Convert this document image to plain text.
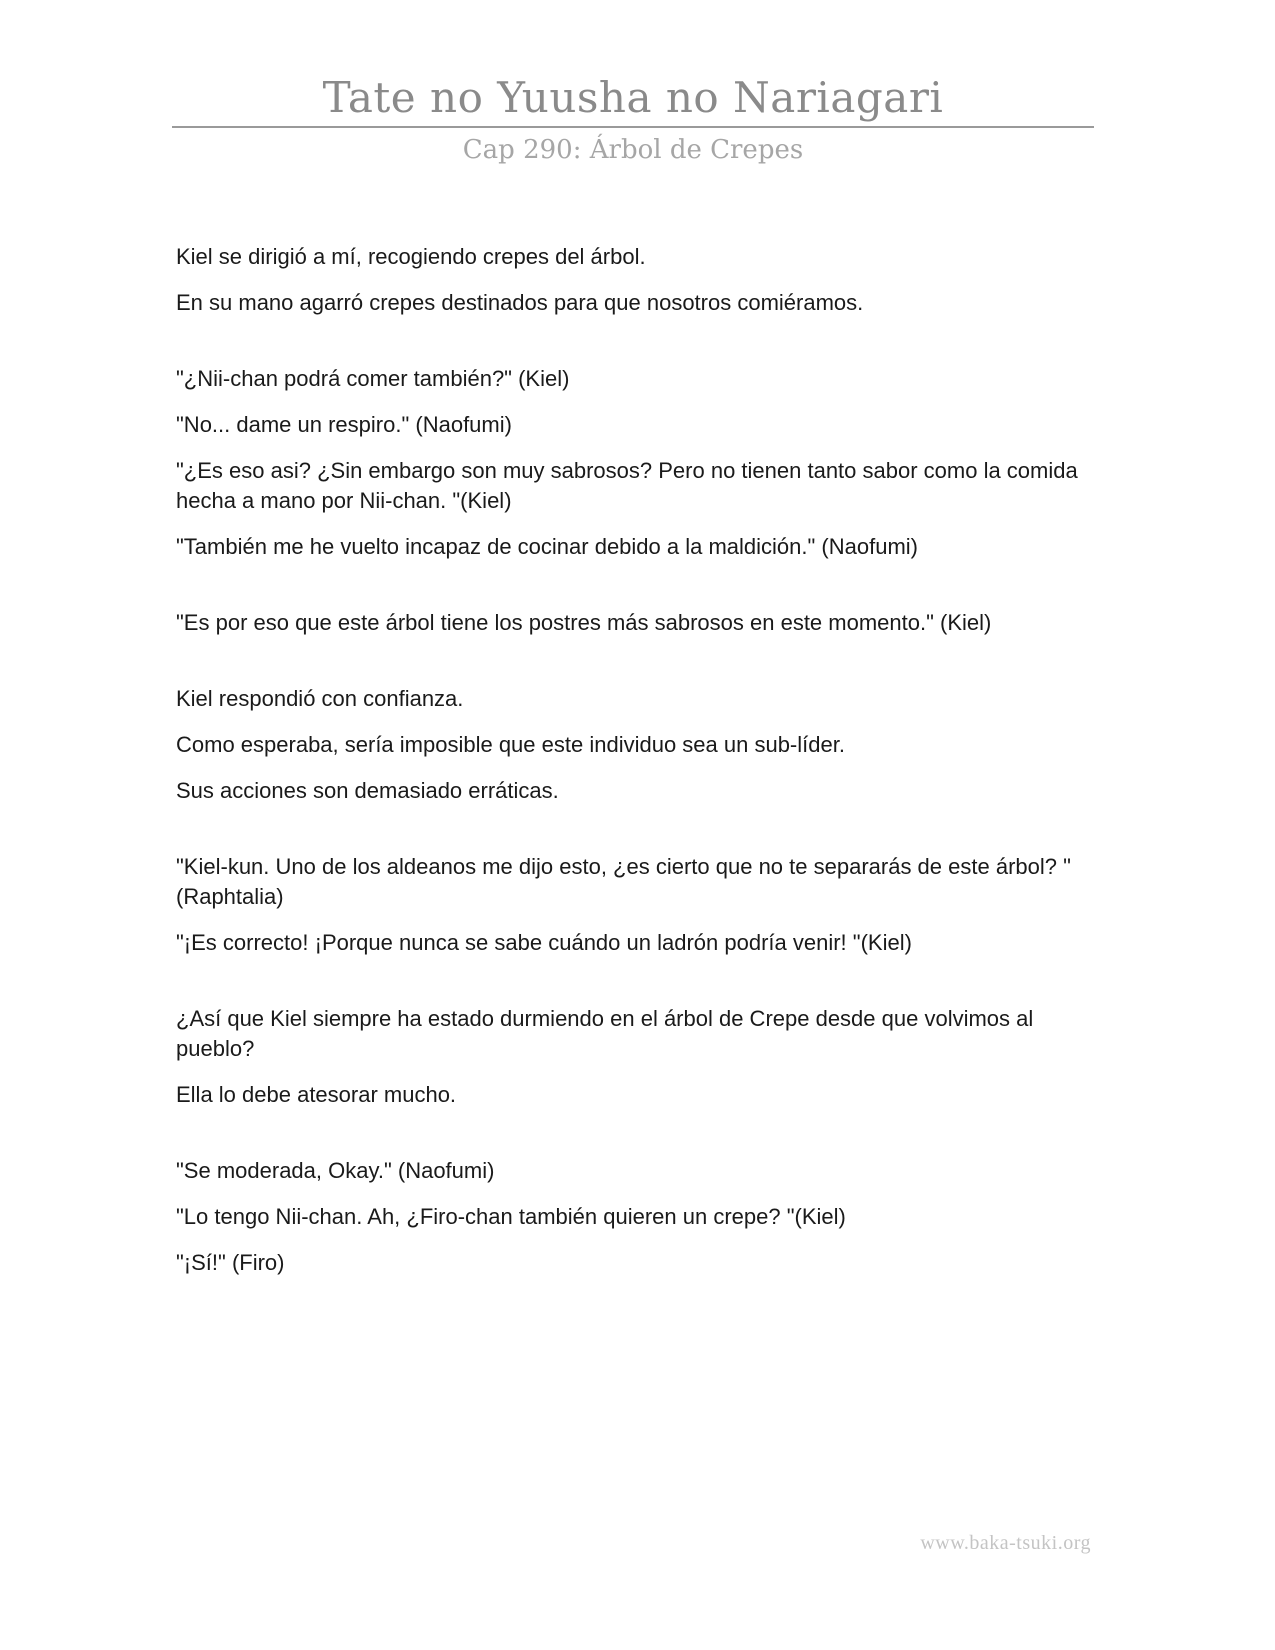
Tate no Yuusha no Nariagari
Cap 290: Árbol de Crepes

Kiel se dirigió a mí, recogiendo crepes del árbol.

En su mano agarró crepes destinados para que nosotros comiéramos.

"¿Nii-chan podrá comer también?" (Kiel)

"No... dame un respiro." (Naofumi)

"¿Es eso asi? ¿Sin embargo son muy sabrosos? Pero no tienen tanto sabor como la comida hecha a mano por Nii-chan. "(Kiel)

"También me he vuelto incapaz de cocinar debido a la maldición." (Naofumi)

"Es por eso que este árbol tiene los postres más sabrosos en este momento." (Kiel)

Kiel respondió con confianza.

Como esperaba, sería imposible que este individuo sea un sub-líder.

Sus acciones son demasiado erráticas.

"Kiel-kun. Uno de los aldeanos me dijo esto, ¿es cierto que no te separarás de este árbol? "(Raphtalia)

"¡Es correcto! ¡Porque nunca se sabe cuándo un ladrón podría venir! "(Kiel)

¿Así que Kiel siempre ha estado durmiendo en el árbol de Crepe desde que volvimos al pueblo?

Ella lo debe atesorar mucho.

"Se moderada, Okay." (Naofumi)

"Lo tengo Nii-chan. Ah, ¿Firo-chan también quieren un crepe? "(Kiel)

"¡Sí!" (Firo)

www.baka-tsuki.org
